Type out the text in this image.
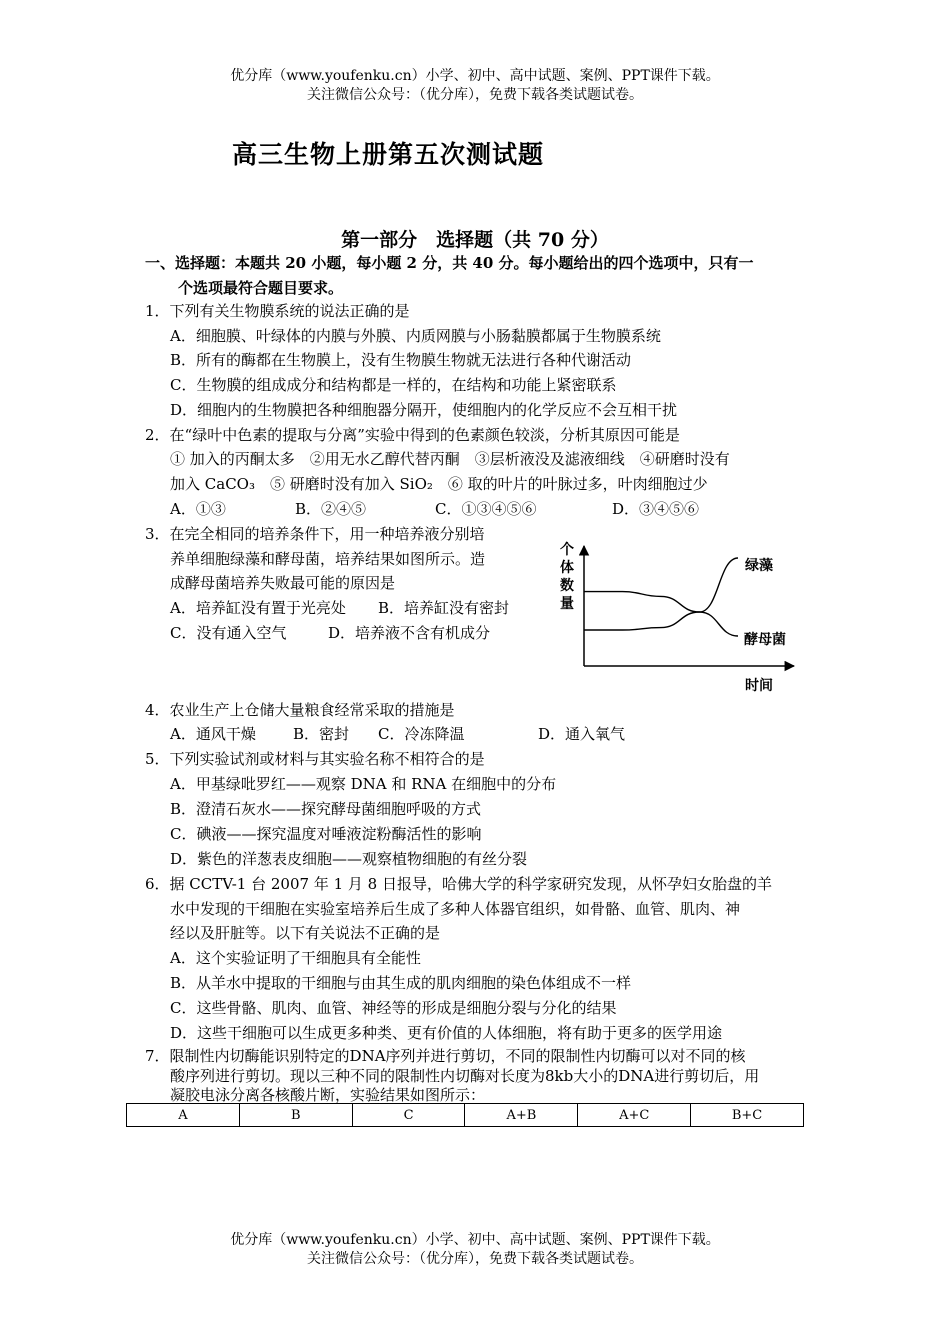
优分库（www.youfenku.cn）小学、初中、高中试题、案例、PPT课件下载。
关注微信公众号：（优分库），免费下载各类试题试卷。
高三生物上册第五次测试题
第一部分　选择题（共 70 分）
一、选择题：本题共 20 小题，每小题 2 分，共 40 分。每小题给出的四个选项中，只有一
个选项最符合题目要求。
1．下列有关生物膜系统的说法正确的是
A．细胞膜、叶绿体的内膜与外膜、内质网膜与小肠黏膜都属于生物膜系统
B．所有的酶都在生物膜上，没有生物膜生物就无法进行各种代谢活动
C．生物膜的组成成分和结构都是一样的，在结构和功能上紧密联系
D．细胞内的生物膜把各种细胞器分隔开，使细胞内的化学反应不会互相干扰
2．在“绿叶中色素的提取与分离”实验中得到的色素颜色较淡，分析其原因可能是
① 加入的丙酮太多　②用无水乙醇代替丙酮　③层析液没及滤液细线　④研磨时没有
加入 CaCO₃　⑤ 研磨时没有加入 SiO₂　⑥ 取的叶片的叶脉过多，叶肉细胞过少
A．①③	B．②④⑤	C．①③④⑤⑥	D．③④⑤⑥
3．在完全相同的培养条件下，用一种培养液分别培
养单细胞绿藻和酵母菌，培养结果如图所示。造
成酵母菌培养失败最可能的原因是
A．培养缸没有置于光亮处 B．培养缸没有密封
C．没有通入空气	D．培养液不含有机成分
个体数量
时间
绿藻
酵母菌
4．农业生产上仓储大量粮食经常采取的措施是
A．通风干燥 B．密封 C．冷冻降温	D．通入氧气
5．下列实验试剂或材料与其实验名称不相符合的是
A．甲基绿吡罗红——观察 DNA 和 RNA 在细胞中的分布
B．澄清石灰水——探究酵母菌细胞呼吸的方式
C．碘液——探究温度对唾液淀粉酶活性的影响
D．紫色的洋葱表皮细胞——观察植物细胞的有丝分裂
6．据 CCTV-1 台 2007 年 1 月 8 日报导，哈佛大学的科学家研究发现，从怀孕妇女胎盘的羊
水中发现的干细胞在实验室培养后生成了多种人体器官组织，如骨骼、血管、肌肉、神
经以及肝脏等。以下有关说法不正确的是
A．这个实验证明了干细胞具有全能性
B．从羊水中提取的干细胞与由其生成的肌肉细胞的染色体组成不一样
C．这些骨骼、肌肉、血管、神经等的形成是细胞分裂与分化的结果
D．这些干细胞可以生成更多种类、更有价值的人体细胞，将有助于更多的医学用途
7．限制性内切酶能识别特定的DNA序列并进行剪切，不同的限制性内切酶可以对不同的核
酸序列进行剪切。现以三种不同的限制性内切酶对长度为8kb大小的DNA进行剪切后，用
凝胶电泳分离各核酸片断，实验结果如图所示：
A	B	C	A+B	A+C	B+C
优分库（www.youfenku.cn）小学、初中、高中试题、案例、PPT课件下载。
关注微信公众号：（优分库），免费下载各类试题试卷。
